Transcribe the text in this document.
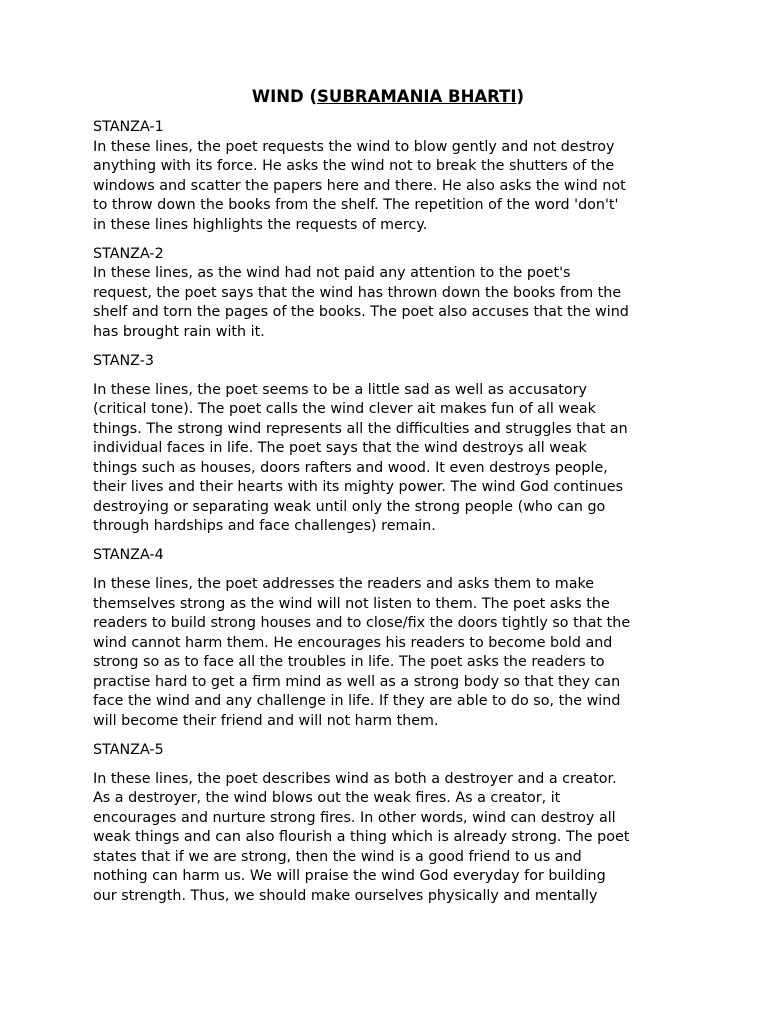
WIND (SUBRAMANIA BHARTI)

STANZA-1

In these lines, the poet requests the wind to blow gently and not destroy
anything with its force. He asks the wind not to break the shutters of the
windows and scatter the papers here and there. He also asks the wind not
to throw down the books from the shelf. The repetition of the word 'don't'
in these lines highlights the requests of mercy.

STANZA-2

In these lines, as the wind had not paid any attention to the poet's
request, the poet says that the wind has thrown down the books from the
shelf and torn the pages of the books. The poet also accuses that the wind
has brought rain with it.

STANZ-3

In these lines, the poet seems to be a little sad as well as accusatory
(critical tone). The poet calls the wind clever ait makes fun of all weak
things. The strong wind represents all the difficulties and struggles that an
individual faces in life. The poet says that the wind destroys all weak
things such as houses, doors rafters and wood. It even destroys people,
their lives and their hearts with its mighty power. The wind God continues
destroying or separating weak until only the strong people (who can go
through hardships and face challenges) remain.

STANZA-4

In these lines, the poet addresses the readers and asks them to make
themselves strong as the wind will not listen to them. The poet asks the
readers to build strong houses and to close/fix the doors tightly so that the
wind cannot harm them. He encourages his readers to become bold and
strong so as to face all the troubles in life. The poet asks the readers to
practise hard to get a firm mind as well as a strong body so that they can
face the wind and any challenge in life. If they are able to do so, the wind
will become their friend and will not harm them.

STANZA-5

In these lines, the poet describes wind as both a destroyer and a creator.
As a destroyer, the wind blows out the weak fires. As a creator, it
encourages and nurture strong fires. In other words, wind can destroy all
weak things and can also flourish a thing which is already strong. The poet
states that if we are strong, then the wind is a good friend to us and
nothing can harm us. We will praise the wind God everyday for building
our strength. Thus, we should make ourselves physically and mentally
